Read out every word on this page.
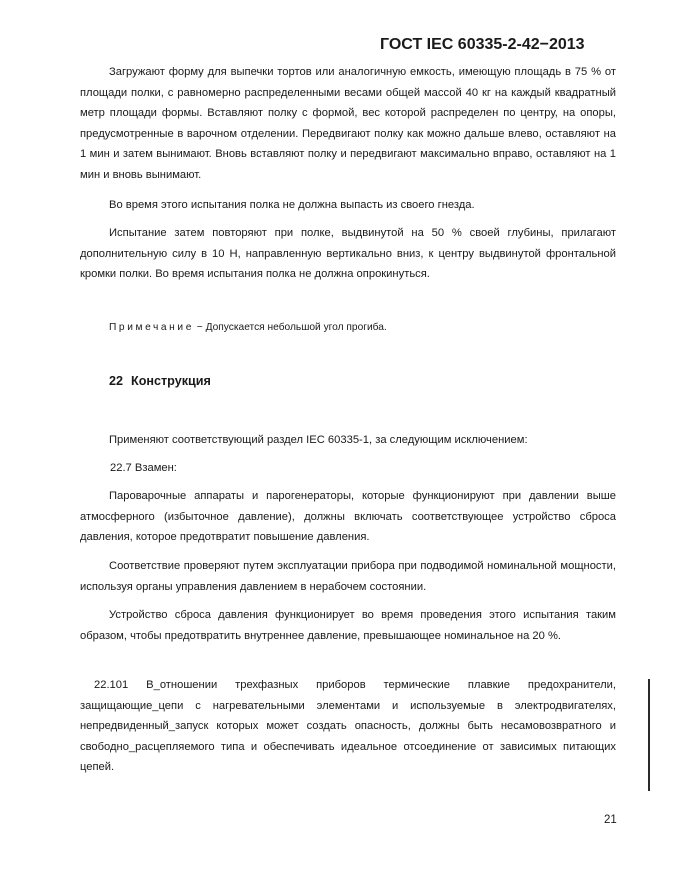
ГОСТ IEC 60335-2-42−2013
Загружают форму для выпечки тортов или аналогичную емкость, имеющую площадь в 75 % от площади полки, с равномерно распределенными весами общей массой 40 кг на каждый квадратный метр площади формы. Вставляют полку с формой, вес которой распределен по центру, на опоры, предусмотренные в варочном отделении. Передвигают полку как можно дальше влево, оставляют на 1 мин и затем вынимают. Вновь вставляют полку и передвигают максимально вправо, оставляют на 1 мин и вновь вынимают.
Во время этого испытания полка не должна выпасть из своего гнезда.
Испытание затем повторяют при полке, выдвинутой на 50 % своей глубины, прилагают дополнительную силу в 10 Н, направленную вертикально вниз, к центру выдвинутой фронтальной кромки полки. Во время испытания полка не должна опрокинуться.
Примечание − Допускается небольшой угол прогиба.
22 Конструкция
Применяют соответствующий раздел IEC 60335-1, за следующим исключением:
22.7 Взамен:
Пароварочные аппараты и парогенераторы, которые функционируют при давлении выше атмосферного (избыточное давление), должны включать соответствующее устройство сброса давления, которое предотвратит повышение давления.
Соответствие проверяют путем эксплуатации прибора при подводимой номинальной мощности, используя органы управления давлением в нерабочем состоянии.
Устройство сброса давления функционирует во время проведения этого испытания таким образом, чтобы предотвратить внутреннее давление, превышающее номинальное на 20 %.
22.101 В_отношении трехфазных приборов термические плавкие предохранители, защищающие_цепи с нагревательными элементами и используемые в электродвигателях, непредвиденный_запуск которых может создать опасность, должны быть несамовозвратного и свободно_расцепляемого типа и обеспечивать идеальное отсоединение от зависимых питающих цепей.
21
